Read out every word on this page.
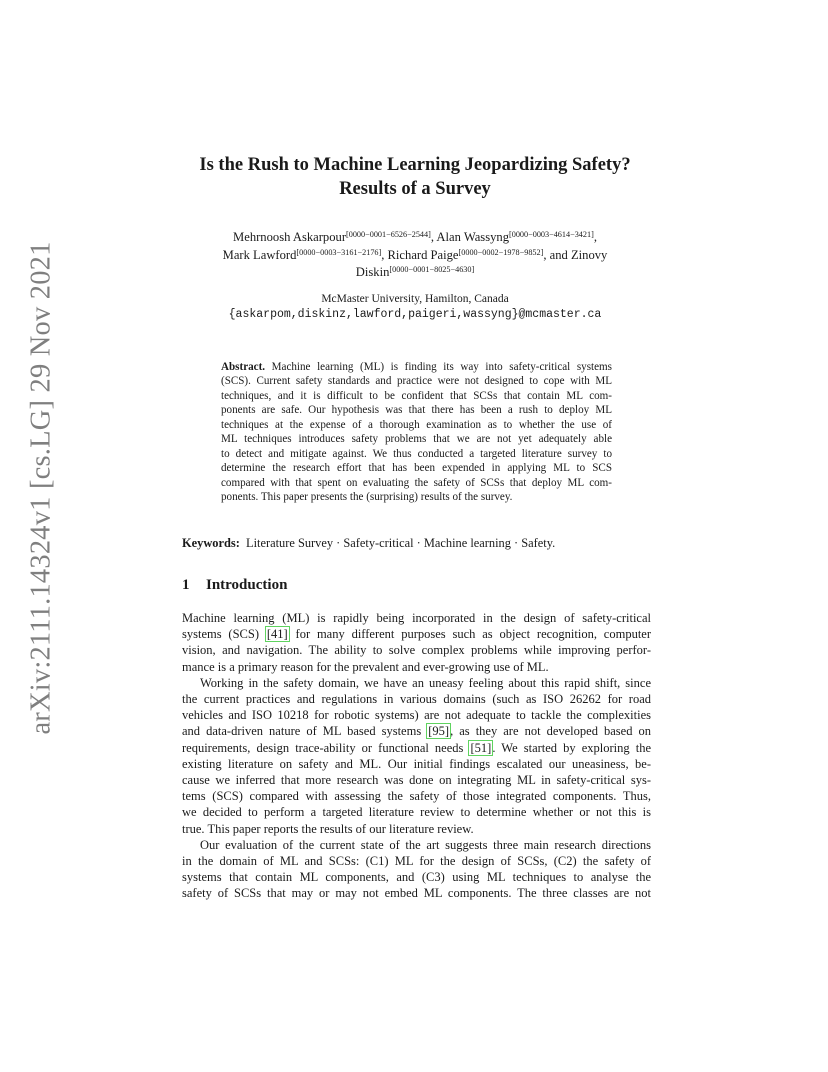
arXiv:2111.14324v1 [cs.LG] 29 Nov 2021
Is the Rush to Machine Learning Jeopardizing Safety?
Results of a Survey
Mehrnoosh Askarpour[0000−0001−6526−2544], Alan Wassyng[0000−0003−4614−3421],
Mark Lawford[0000−0003−3161−2176], Richard Paige[0000−0002−1978−9852], and Zinovy
Diskin[0000−0001−8025−4630]
McMaster University, Hamilton, Canada
{askarpom,diskinz,lawford,paigeri,wassyng}@mcmaster.ca
Abstract. Machine learning (ML) is finding its way into safety-critical systems
(SCS). Current safety standards and practice were not designed to cope with ML
techniques, and it is difficult to be confident that SCSs that contain ML com-
ponents are safe. Our hypothesis was that there has been a rush to deploy ML
techniques at the expense of a thorough examination as to whether the use of
ML techniques introduces safety problems that we are not yet adequately able
to detect and mitigate against. We thus conducted a targeted literature survey to
determine the research effort that has been expended in applying ML to SCS
compared with that spent on evaluating the safety of SCSs that deploy ML com-
ponents. This paper presents the (surprising) results of the survey.
Keywords: Literature Survey · Safety-critical · Machine learning · Safety.
1 Introduction
Machine learning (ML) is rapidly being incorporated in the design of safety-critical
systems (SCS) [41] for many different purposes such as object recognition, computer
vision, and navigation. The ability to solve complex problems while improving perfor-
mance is a primary reason for the prevalent and ever-growing use of ML.
Working in the safety domain, we have an uneasy feeling about this rapid shift, since
the current practices and regulations in various domains (such as ISO 26262 for road
vehicles and ISO 10218 for robotic systems) are not adequate to tackle the complexities
and data-driven nature of ML based systems [95], as they are not developed based on
requirements, design trace-ability or functional needs [51]. We started by exploring the
existing literature on safety and ML. Our initial findings escalated our uneasiness, be-
cause we inferred that more research was done on integrating ML in safety-critical sys-
tems (SCS) compared with assessing the safety of those integrated components. Thus,
we decided to perform a targeted literature review to determine whether or not this is
true. This paper reports the results of our literature review.
Our evaluation of the current state of the art suggests three main research directions
in the domain of ML and SCSs: (C1) ML for the design of SCSs, (C2) the safety of
systems that contain ML components, and (C3) using ML techniques to analyse the
safety of SCSs that may or may not embed ML components. The three classes are not
